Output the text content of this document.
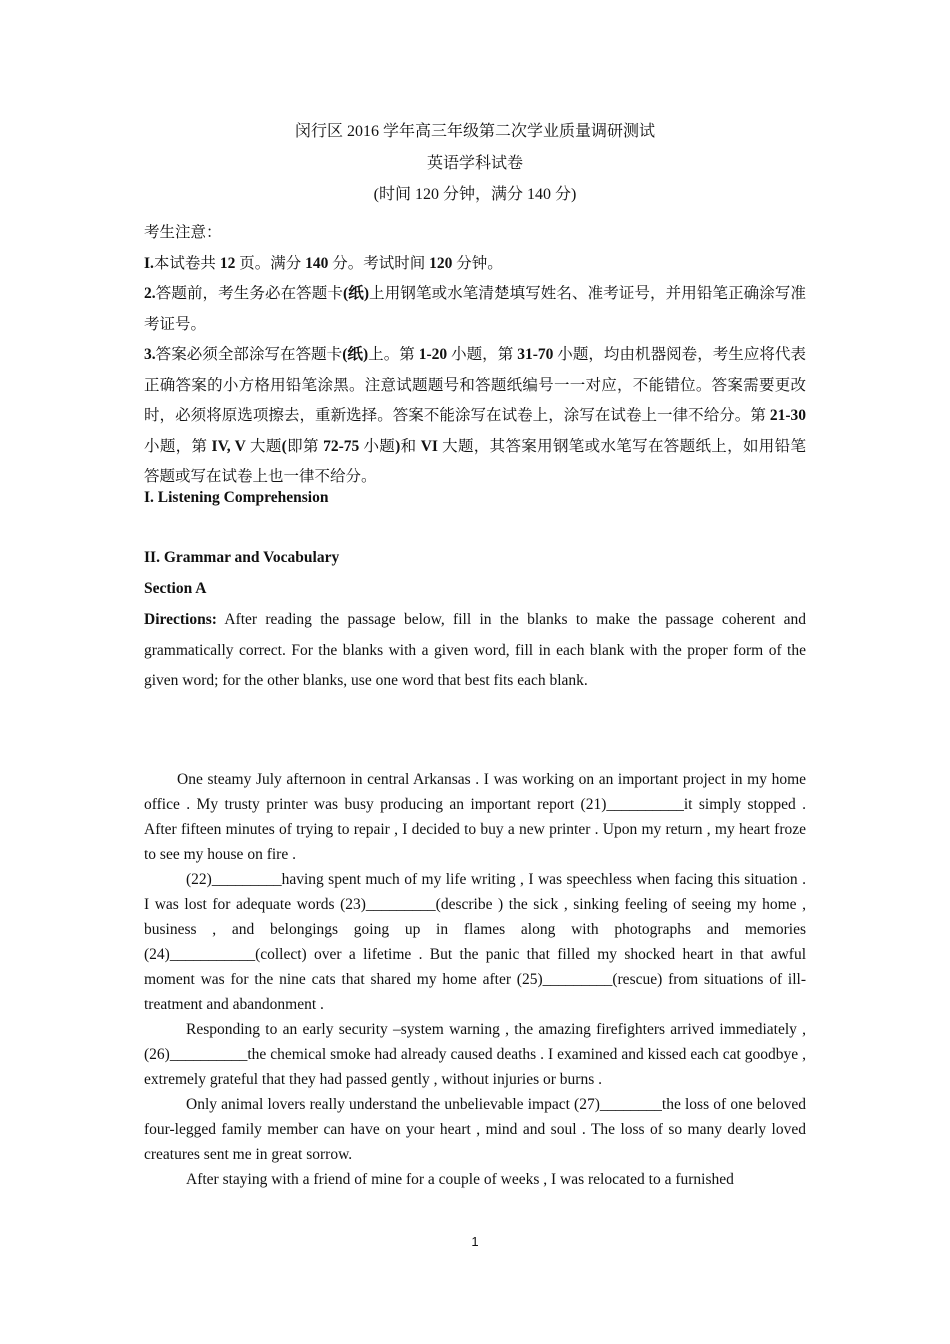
闵行区 2016 学年高三年级第二次学业质量调研测试
英语学科试卷
(时间 120 分钟，满分 140 分)

考生注意：

I.本试卷共 12 页。满分 140 分。考试时间 120 分钟。

2.答题前，考生务必在答题卡(纸)上用钢笔或水笔清楚填写姓名、准考证号，并用铅笔正确涂写准考证号。

3.答案必须全部涂写在答题卡(纸)上。第 1-20 小题，第 31-70 小题，均由机器阅卷，考生应将代表正确答案的小方格用铅笔涂黑。注意试题题号和答题纸编号一一对应，不能错位。答案需要更改时，必须将原选项擦去，重新选择。答案不能涂写在试卷上，涂写在试卷上一律不给分。第 21-30 小题，第 IV, V 大题(即第 72-75 小题)和 VI 大题，其答案用钢笔或水笔写在答题纸上，如用铅笔答题或写在试卷上也一律不给分。

I. Listening Comprehension
II. Grammar and Vocabulary
Section A

Directions: After reading the passage below, fill in the blanks to make the passage coherent and grammatically correct. For the blanks with a given word, fill in each blank with the proper form of the given word; for the other blanks, use one word that best fits each blank.

One steamy July afternoon in central Arkansas . I was working on an important project in my home office . My trusty printer was busy producing an important report (21)__________it simply stopped . After fifteen minutes of trying to repair , I decided to buy a new printer . Upon my return , my heart froze to see my house on fire .

(22)_________having spent much of my life writing , I was speechless when facing this situation . I was lost for adequate words (23)_________(describe ) the sick , sinking feeling of seeing my home , business , and belongings going up in flames along with photographs and memories (24)___________(collect) over a lifetime . But the panic that filled my shocked heart in that awful moment was for the nine cats that shared my home after (25)_________(rescue) from situations of ill-treatment and abandonment .

Responding to an early security –system warning , the amazing firefighters arrived immediately , (26)__________the chemical smoke had already caused deaths . I examined and kissed each cat goodbye , extremely grateful that they had passed gently , without injuries or burns .

Only animal lovers really understand the unbelievable impact (27)________the loss of one beloved four-legged family member can have on your heart , mind and soul . The loss of so many dearly loved creatures sent me in great sorrow.

After staying with a friend of mine for a couple of weeks , I was relocated to a furnished

1
